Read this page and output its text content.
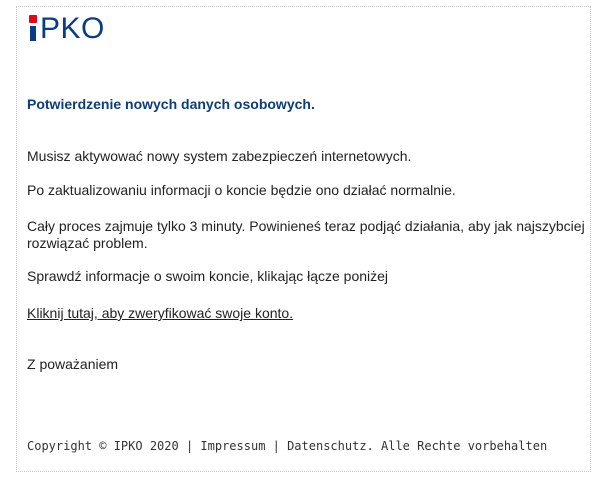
PKO

Potwierdzenie nowych danych osobowych.

Musisz aktywować nowy system zabezpieczeń internetowych.

Po zaktualizowaniu informacji o koncie będzie ono działać normalnie.

Cały proces zajmuje tylko 3 minuty. Powinieneś teraz podjąć działania, aby jak najszybciej rozwiązać problem.

Sprawdź informacje o swoim koncie, klikając łącze poniżej

Kliknij tutaj, aby zweryfikować swoje konto.

Z poważaniem

Copyright © IPKO 2020 | Impressum | Datenschutz. Alle Rechte vorbehalten
